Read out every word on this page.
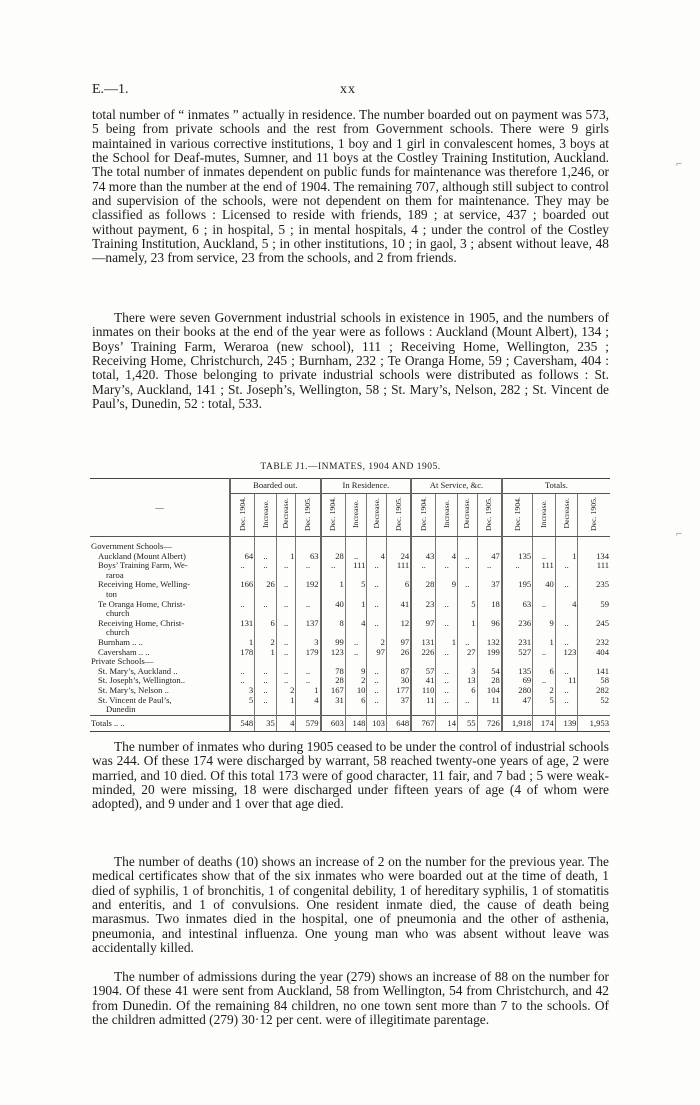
E.—1.	xx

total number of “ inmates ” actually in residence. The number boarded out on payment was 573, 5 being from private schools and the rest from Government schools. There were 9 girls maintained in various corrective institutions, 1 boy and 1 girl in convalescent homes, 3 boys at the School for Deaf-mutes, Sumner, and 11 boys at the Costley Training Institution, Auckland. The total number of inmates dependent on public funds for maintenance was therefore 1,246, or 74 more than the number at the end of 1904. The remaining 707, although still subject to control and supervision of the schools, were not dependent on them for maintenance. They may be classified as follows : Licensed to reside with friends, 189 ; at service, 437 ; boarded out without payment, 6 ; in hospital, 5 ; in mental hospitals, 4 ; under the control of the Costley Training Institution, Auckland, 5 ; in other institutions, 10 ; in gaol, 3 ; absent without leave, 48—namely, 23 from service, 23 from the schools, and 2 from friends.

There were seven Government industrial schools in existence in 1905, and the numbers of inmates on their books at the end of the year were as follows : Auckland (Mount Albert), 134 ; Boys’ Training Farm, Weraroa (new school), 111 ; Receiving Home, Wellington, 235 ; Receiving Home, Christchurch, 245 ; Burnham, 232 ; Te Oranga Home, 59 ; Caversham, 404 : total, 1,420. Those belonging to private industrial schools were distributed as follows : St. Mary’s, Auckland, 141 ; St. Joseph’s, Wellington, 58 ; St. Mary’s, Nelson, 282 ; St. Vincent de Paul’s, Dunedin, 52 : total, 533.

TABLE J1.—INMATES, 1904 AND 1905.
—	Boarded out.				In Residence.				At Service, &c.				Totals.			
	Dec. 1904.	Increase.	Decrease.	Dec. 1905.	Dec. 1904.	Increase.	Decrease.	Dec. 1905.	Dec. 1904.	Increase.	Decrease.	Dec. 1905.	Dec. 1904.	Increase.	Decrease.	Dec. 1905.
Government Schools—																
Auckland (Mount Albert)	64	..	1	63	28	..	4	24	43	4	..	47	135	..	1	134
Boys’ Training Farm, We-	..	..	..	..	..	111	..	111	..	..	..	..	..	111	..	111
raroa																
Receiving Home, Welling-	166	26	..	192	1	5	..	6	28	9	..	37	195	40	..	235
ton																
Te Oranga Home, Christ-	..	..	..	..	40	1	..	41	23	..	5	18	63	..	4	59
church																
Receiving Home, Christ-	131	6	..	137	8	4	..	12	97	..	1	96	236	9	..	245
church																
Burnham .. ..	1	2	..	3	99	..	2	97	131	1	..	132	231	1	..	232
Caversham .. ..	178	1	..	179	123	..	97	26	226	..	27	199	527	..	123	404
Private Schools—																
St. Mary’s, Auckland ..	..	..	..	..	78	9	..	87	57	..	3	54	135	6	..	141
St. Joseph’s, Wellington..	..	..	..	..	28	2	..	30	41	..	13	28	69	..	11	58
St. Mary’s, Nelson ..	3	..	2	1	167	10	..	177	110	..	6	104	280	2	..	282
St. Vincent de Paul’s,	5	..	1	4	31	6	..	37	11	..	..	11	47	5	..	52
Dunedin																
Totals .. ..	548	35	4	579	603	148	103	648	767	14	55	726	1,918	174	139	1,953

The number of inmates who during 1905 ceased to be under the control of industrial schools was 244. Of these 174 were discharged by warrant, 58 reached twenty-one years of age, 2 were married, and 10 died. Of this total 173 were of good character, 11 fair, and 7 bad ; 5 were weak-minded, 20 were missing, 18 were discharged under fifteen years of age (4 of whom were adopted), and 9 under and 1 over that age died.

The number of deaths (10) shows an increase of 2 on the number for the previous year. The medical certificates show that of the six inmates who were boarded out at the time of death, 1 died of syphilis, 1 of bronchitis, 1 of congenital debility, 1 of hereditary syphilis, 1 of stomatitis and enteritis, and 1 of convulsions. One resident inmate died, the cause of death being marasmus. Two inmates died in the hospital, one of pneumonia and the other of asthenia, pneumonia, and intestinal influenza. One young man who was absent without leave was accidentally killed.

The number of admissions during the year (279) shows an increase of 88 on the number for 1904. Of these 41 were sent from Auckland, 58 from Wellington, 54 from Christchurch, and 42 from Dunedin. Of the remaining 84 children, no one town sent more than 7 to the schools. Of the children admitted (279) 30·12 per cent. were of illegitimate parentage.

⌐
⌐
